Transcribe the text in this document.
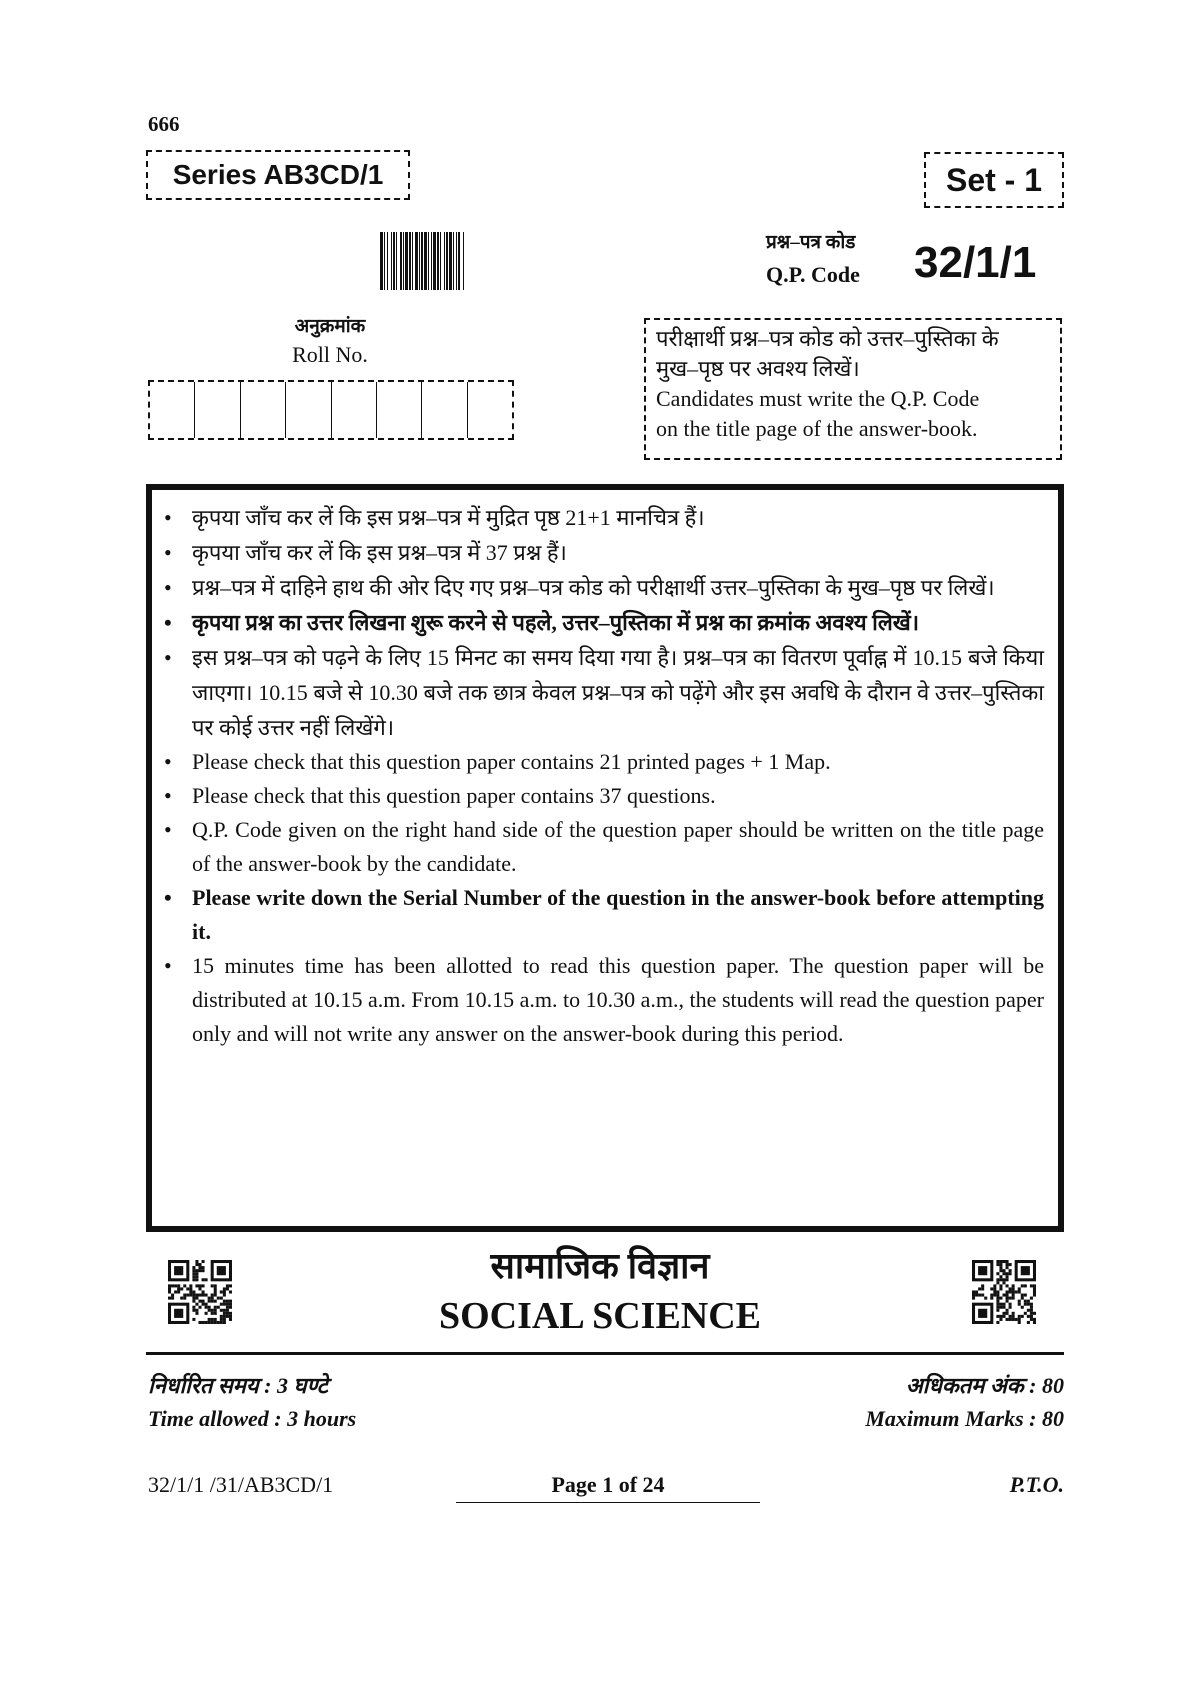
666
Series AB3CD/1	Set - 1
प्रश्न–पत्र कोड
Q.P. Code 32/1/1
अनुक्रमांक
Roll No.
परीक्षार्थी प्रश्न–पत्र कोड को उत्तर–पुस्तिका के
मुख–पृष्ठ पर अवश्य लिखें।
Candidates must write the Q.P. Code
on the title page of the answer-book.
• कृपया जाँच कर लें कि इस प्रश्न–पत्र में मुद्रित पृष्ठ 21+1 मानचित्र हैं।
• कृपया जाँच कर लें कि इस प्रश्न–पत्र में 37 प्रश्न हैं।
• प्रश्न–पत्र में दाहिने हाथ की ओर दिए गए प्रश्न–पत्र कोड को परीक्षार्थी उत्तर–पुस्तिका के मुख–पृष्ठ पर लिखें।
• कृपया प्रश्न का उत्तर लिखना शुरू करने से पहले, उत्तर–पुस्तिका में प्रश्न का क्रमांक अवश्य लिखें।
• इस प्रश्न–पत्र को पढ़ने के लिए 15 मिनट का समय दिया गया है। प्रश्न–पत्र का वितरण पूर्वाह्न में 10.15 बजे किया जाएगा। 10.15 बजे से 10.30 बजे तक छात्र केवल प्रश्न–पत्र को पढ़ेंगे और इस अवधि के दौरान वे उत्तर–पुस्तिका पर कोई उत्तर नहीं लिखेंगे।
• Please check that this question paper contains 21 printed pages + 1 Map.
• Please check that this question paper contains 37 questions.
• Q.P. Code given on the right hand side of the question paper should be written on the title page of the answer-book by the candidate.
• Please write down the Serial Number of the question in the answer-book before attempting it.
• 15 minutes time has been allotted to read this question paper. The question paper will be distributed at 10.15 a.m. From 10.15 a.m. to 10.30 a.m., the students will read the question paper only and will not write any answer on the answer-book during this period.
सामाजिक विज्ञान
SOCIAL SCIENCE
निर्धारित समय : 3 घण्टे
Time allowed : 3 hours
अधिकतम अंक : 80
Maximum Marks : 80
32/1/1 /31/AB3CD/1	Page 1 of 24	P.T.O.
